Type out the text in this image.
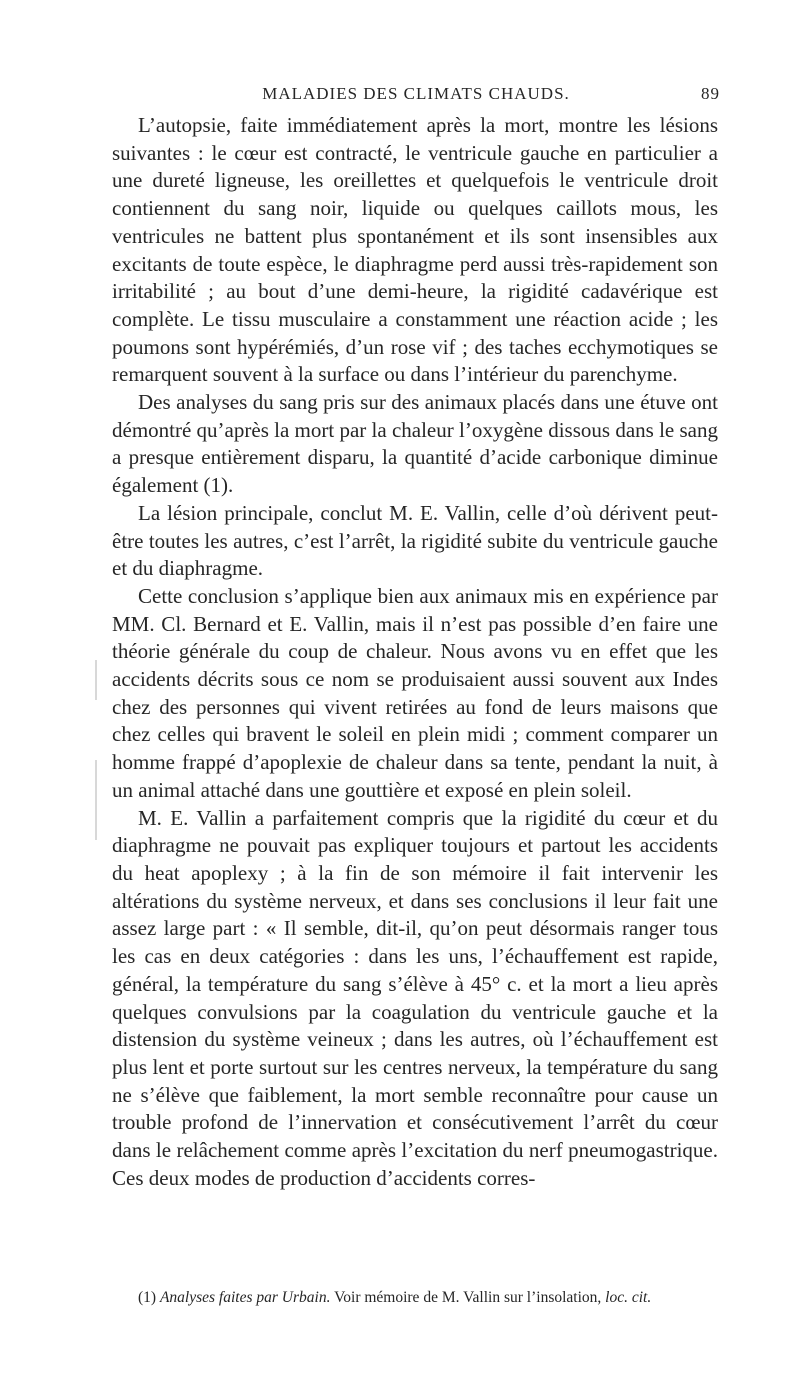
MALADIES DES CLIMATS CHAUDS.	89

L’autopsie, faite immédiatement après la mort, montre les lésions suivantes : le cœur est contracté, le ventricule gauche en particulier a une dureté ligneuse, les oreillettes et quelquefois le ventricule droit contiennent du sang noir, liquide ou quelques caillots mous, les ventricules ne battent plus spontanément et ils sont insensibles aux excitants de toute espèce, le diaphragme perd aussi très-rapidement son irritabilité ; au bout d’une demi-heure, la rigidité cadavérique est complète. Le tissu musculaire a constamment une réaction acide ; les poumons sont hypérémiés, d’un rose vif ; des taches ecchymotiques se remarquent souvent à la surface ou dans l’intérieur du parenchyme.

Des analyses du sang pris sur des animaux placés dans une étuve ont démontré qu’après la mort par la chaleur l’oxygène dissous dans le sang a presque entièrement disparu, la quantité d’acide carbonique diminue également (1).

La lésion principale, conclut M. E. Vallin, celle d’où dérivent peut-être toutes les autres, c’est l’arrêt, la rigidité subite du ventricule gauche et du diaphragme.

Cette conclusion s’applique bien aux animaux mis en expérience par MM. Cl. Bernard et E. Vallin, mais il n’est pas possible d’en faire une théorie générale du coup de chaleur. Nous avons vu en effet que les accidents décrits sous ce nom se produisaient aussi souvent aux Indes chez des personnes qui vivent retirées au fond de leurs maisons que chez celles qui bravent le soleil en plein midi ; comment comparer un homme frappé d’apoplexie de chaleur dans sa tente, pendant la nuit, à un animal attaché dans une gouttière et exposé en plein soleil.

M. E. Vallin a parfaitement compris que la rigidité du cœur et du diaphragme ne pouvait pas expliquer toujours et partout les accidents du heat apoplexy ; à la fin de son mémoire il fait intervenir les altérations du système nerveux, et dans ses conclusions il leur fait une assez large part : « Il semble, dit-il, qu’on peut désormais ranger tous les cas en deux catégories : dans les uns, l’échauffement est rapide, général, la température du sang s’élève à 45° c. et la mort a lieu après quelques convulsions par la coagulation du ventricule gauche et la distension du système veineux ; dans les autres, où l’échauffement est plus lent et porte surtout sur les centres nerveux, la température du sang ne s’élève que faiblement, la mort semble reconnaître pour cause un trouble profond de l’innervation et consécutivement l’arrêt du cœur dans le relâchement comme après l’excitation du nerf pneumogastrique. Ces deux modes de production d’accidents corres-

(1) Analyses faites par Urbain. Voir mémoire de M. Vallin sur l’insolation, loc. cit.
